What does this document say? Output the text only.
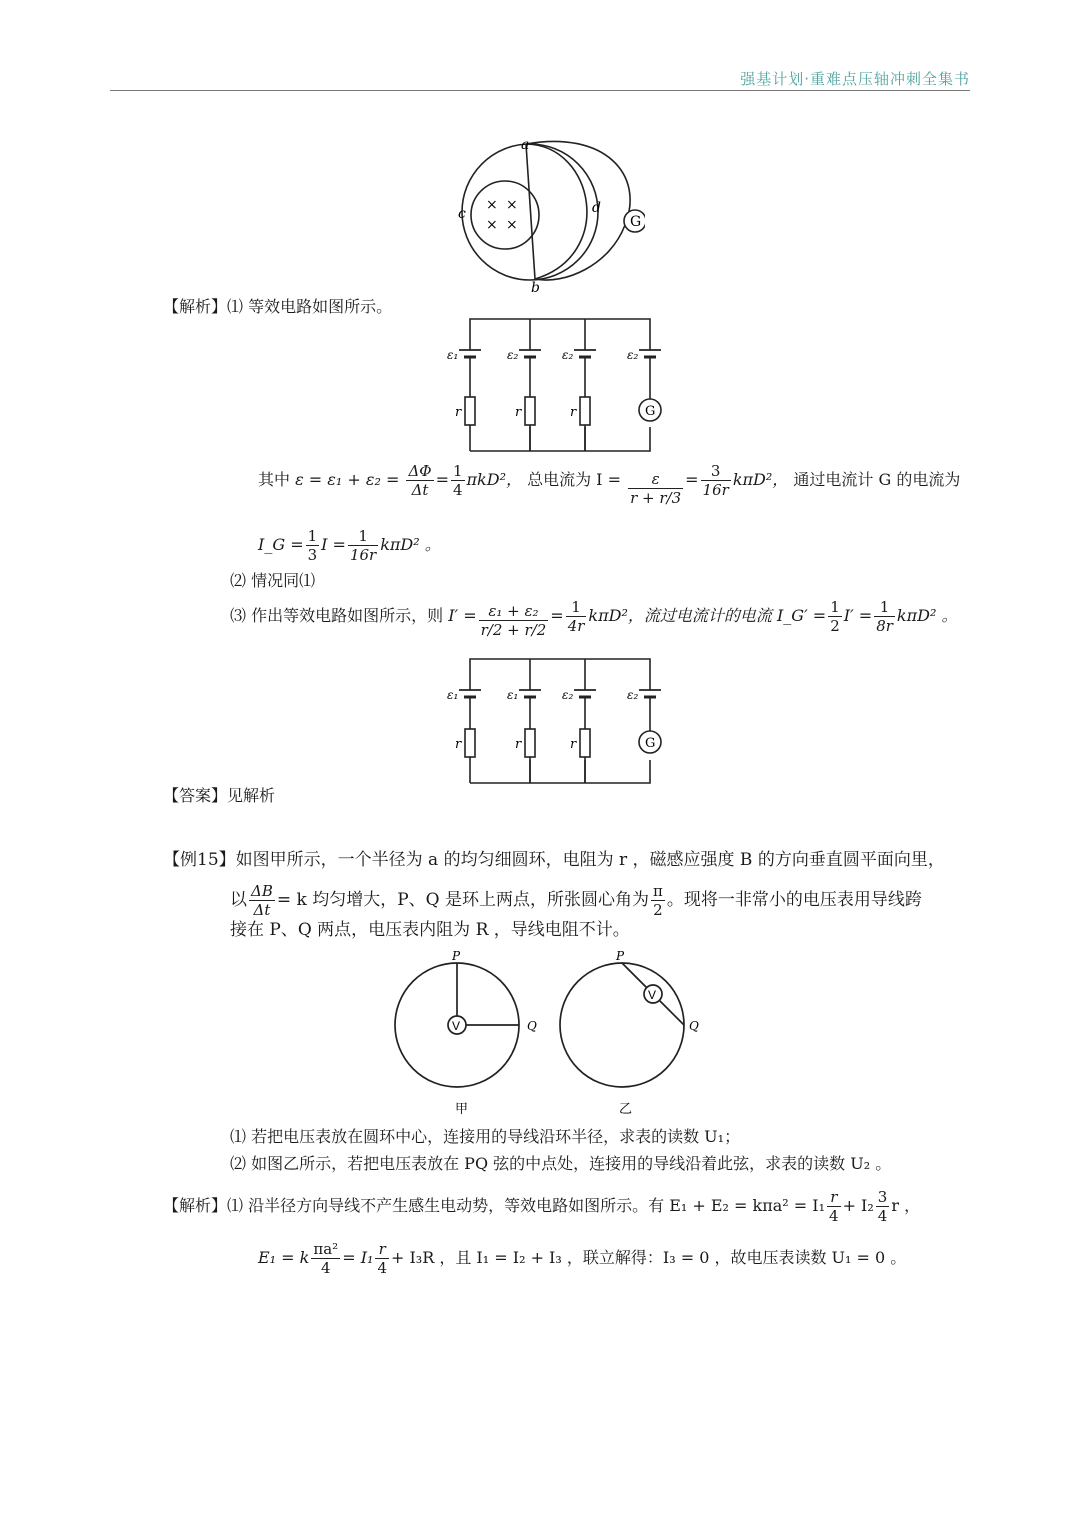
强基计划·重难点压轴冲刺全集书
G
a
b
c	d
× ×
× ×
【解析】⑴ 等效电路如图所示。
ε₁
r
ε₂
r
ε₂
r
ε₂
G
其中 $\varepsilon = \varepsilon_1 + \varepsilon_2 = \frac{\Delta\Phi}{\Delta t} = \frac{1}{4} \pi kD^2$， 总电流为 $I = \frac{\varepsilon}{r + r/3} = \frac{3}{16r} k\pi D^2$， 通过电流计 G 的电流为
I_G = $\frac{1}{3}$ $I = \frac{1}{16r} k\pi D^2$ 。
⑵ 情况同⑴
⑶ 作出等效电路如图所示，则 $I' = \frac{\text{ε₁ + ε₂}}{r/2 + r/2} = \frac{1}{4r} k\pi D^2$，流过电流计的电流 I_G′ = $\frac{1}{2} I' = \frac{1}{8r} k\pi D^2$ 。
ε₁
r
ε₁
r
ε₂
r
ε₂
G
【答案】见解析
【例15】如图甲所示，一个半径为 a 的均匀细圆环，电阻为 r ，磁感应强度 B 的方向垂直圆平面向里，
以 $\frac{\Delta B}{\Delta t} = k$ 均匀增大，P、Q 是环上两点，所张圆心角为 $\frac{\pi}{2}$ 。现将一非常小的电压表用导线跨
接在 P、Q 两点，电压表内阻为 R ，导线电阻不计。
V
V
P
Q
P
Q
甲	乙
⑴ 若把电压表放在圆环中心，连接用的导线沿环半径，求表的读数 U₁；
⑵ 如图乙所示，若把电压表放在 PQ 弦的中点处，连接用的导线沿着此弦，求表的读数 U₂ 。
【解析】⑴ 沿半径方向导线不产生感生电动势，等效电路如图所示。有 $E_1 + E_2 = k\pi a^2 = I_1 \frac{r}{4} + I_2 \frac{3}{4}$ r ，
E₁ = k $\frac{\text{πa²}}{4} = I_1 \frac{r}{4} + I_3R$ ，且 I₁ = I₂ + I₃ ，联立解得：I₃ = 0 ，故电压表读数 U₁ = 0 。
